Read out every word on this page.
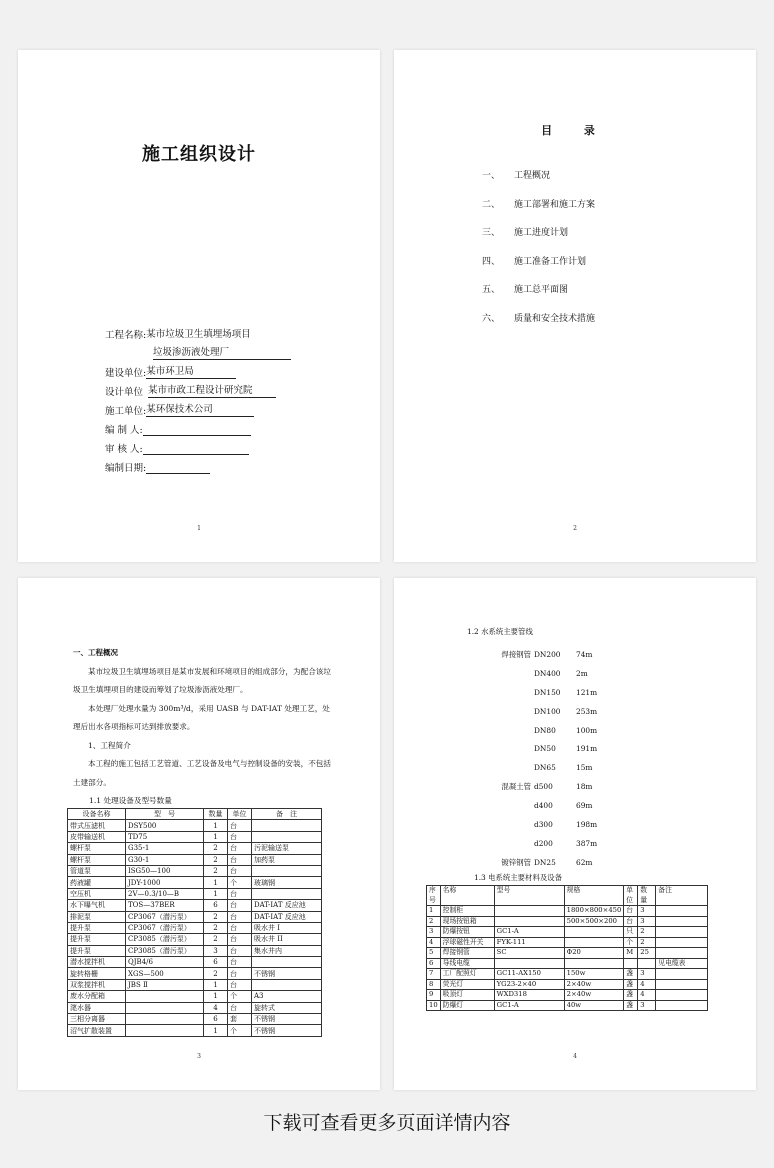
施工组织设计
工程名称: 某市垃圾卫生填埋场项目
垃圾渗沥液处理厂
建设单位: 某市环卫局
设计单位 某市市政工程设计研究院
施工单位: 某环保技术公司
编 制 人:
审 核 人:
编制日期:
1
目 录
一、	工程概况
二、	施工部署和施工方案
三、	施工进度计划
四、	施工准备工作计划
五、	施工总平面图
六、	质量和安全技术措施
2
一、工程概况
某市垃圾卫生填埋场项目是某市发展和环境项目的组成部分，为配合该垃圾卫生填埋项目的建设而筹划了垃圾渗沥液处理厂。
本处理厂处理水量为 300m³/d，采用 UASB 与 DAT-IAT 处理工艺，处理后出水各项指标可达到排放要求。
1、工程简介
本工程的施工包括工艺管道、工艺设备及电气与控制设备的安装，不包括土建部分。
1.1 处理设备及型号数量
设备名称	型　号	数量	单位	备　注
带式压滤机	DSY500	1	台	
皮带输送机	TD75	1	台	
螺杆泵	G35-1	2	台	污泥输送泵
螺杆泵	G30-1	2	台	加药泵
管道泵	ISG50—100	2	台	
药液罐	JDY-1000	1	个	玻璃钢
空压机	2V—0.3/10—B	1	台	
水下曝气机	TOS—37BER	6	台	DAT-IAT 反应池
排泥泵	CP3067（潜污泵）	2	台	DAT-IAT 反应池
提升泵	CP3067（潜污泵）	2	台	吸水井 I
提升泵	CP3085（潜污泵）	2	台	吸水井 II
提升泵	CP3085（潜污泵）	3	台	集水井内
潜水搅拌机	QJB4/6	6	台	
旋转格栅	XGS—500	2	台	不锈钢
双浆搅拌机	JBS Ⅱ	1	台	
废水分配箱		1	个	A3
滗水器		4	台	旋转式
三相分离器		6	套	不锈钢
沼气扩散装置		1	个	不锈钢
3
1.2 水系统主要管线
焊接钢管 DN200	74m
DN400	2m
DN150	121m
DN100	253m
DN80	100m
DN50	191m
DN65	15m
混凝土管 d500	18m
d400	69m
d300	198m
d200	387m
镀锌钢管 DN25	62m
1.3 电系统主要材料及设备
序号	名称	型号	规格	单位	数量	备注
1	控制柜		1800×800×450	台	3	
2	现场按钮箱		500×500×200	台	3	
3	防爆按钮	GC1-A		只	2	
4	浮球磁性开关	FYK-111		个	2	
5	焊接钢管	SC	Φ20	M	25	
6	导线电缆					见电缆表
7	工厂配照灯	GC11-AX150	150w	盏	3	
8	荧光灯	YG23-2×40	2×40w	盏	4	
9	吸顶灯	WXD318	2×40w	盏	4	
10	防爆灯	GC1-A	40w	盏	3	
4
下载可查看更多页面详情内容
